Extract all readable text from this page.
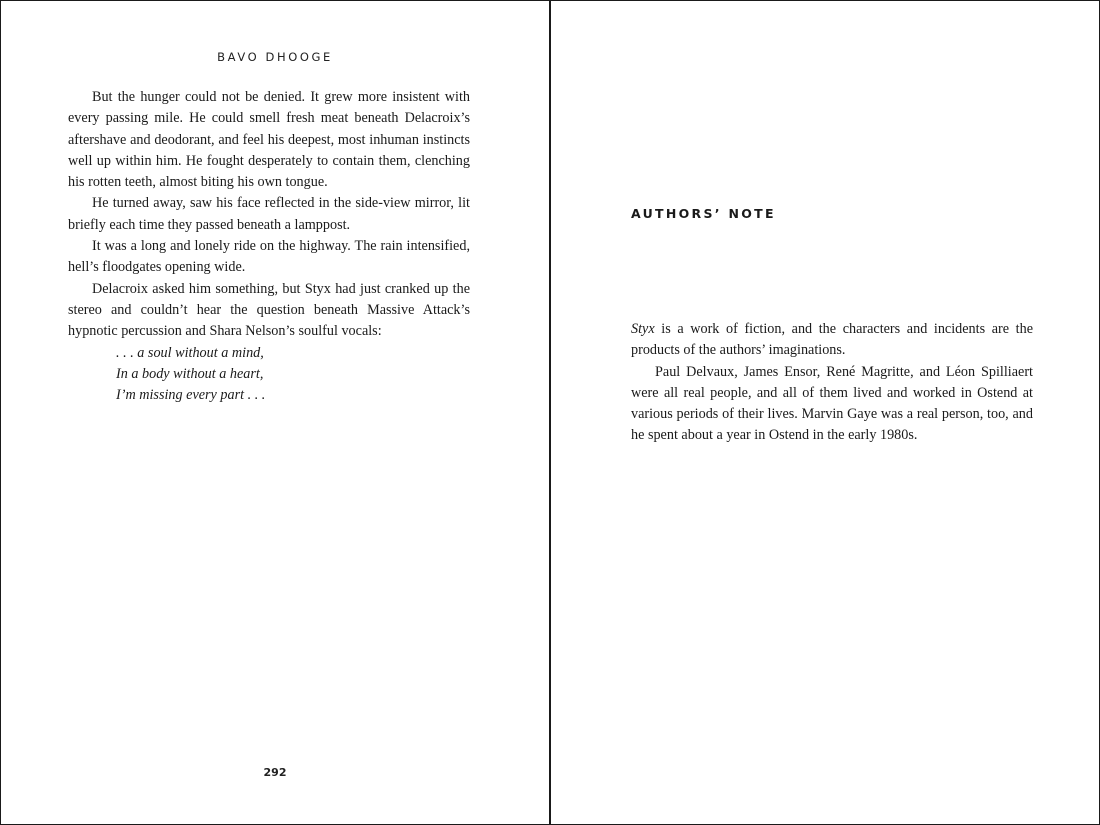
BAVO DHOOGE

But the hunger could not be denied. It grew more insistent with every passing mile. He could smell fresh meat beneath Delacroix’s aftershave and deodorant, and feel his deepest, most inhuman instincts well up within him. He fought desperately to contain them, clenching his rotten teeth, almost biting his own tongue.

He turned away, saw his face reflected in the side-view mirror, lit briefly each time they passed beneath a lamppost.

It was a long and lonely ride on the highway. The rain intensified, hell’s floodgates opening wide.

Delacroix asked him something, but Styx had just cranked up the stereo and couldn’t hear the question beneath Massive Attack’s hypnotic percussion and Shara Nelson’s soulful vocals:

. . . a soul without a mind,

In a body without a heart,

I’m missing every part . . .

292
AUTHORS’ NOTE

Styx is a work of fiction, and the characters and incidents are the products of the authors’ imaginations.

Paul Delvaux, James Ensor, René Magritte, and Léon Spilliaert were all real people, and all of them lived and worked in Ostend at various periods of their lives. Marvin Gaye was a real person, too, and he spent about a year in Ostend in the early 1980s.
